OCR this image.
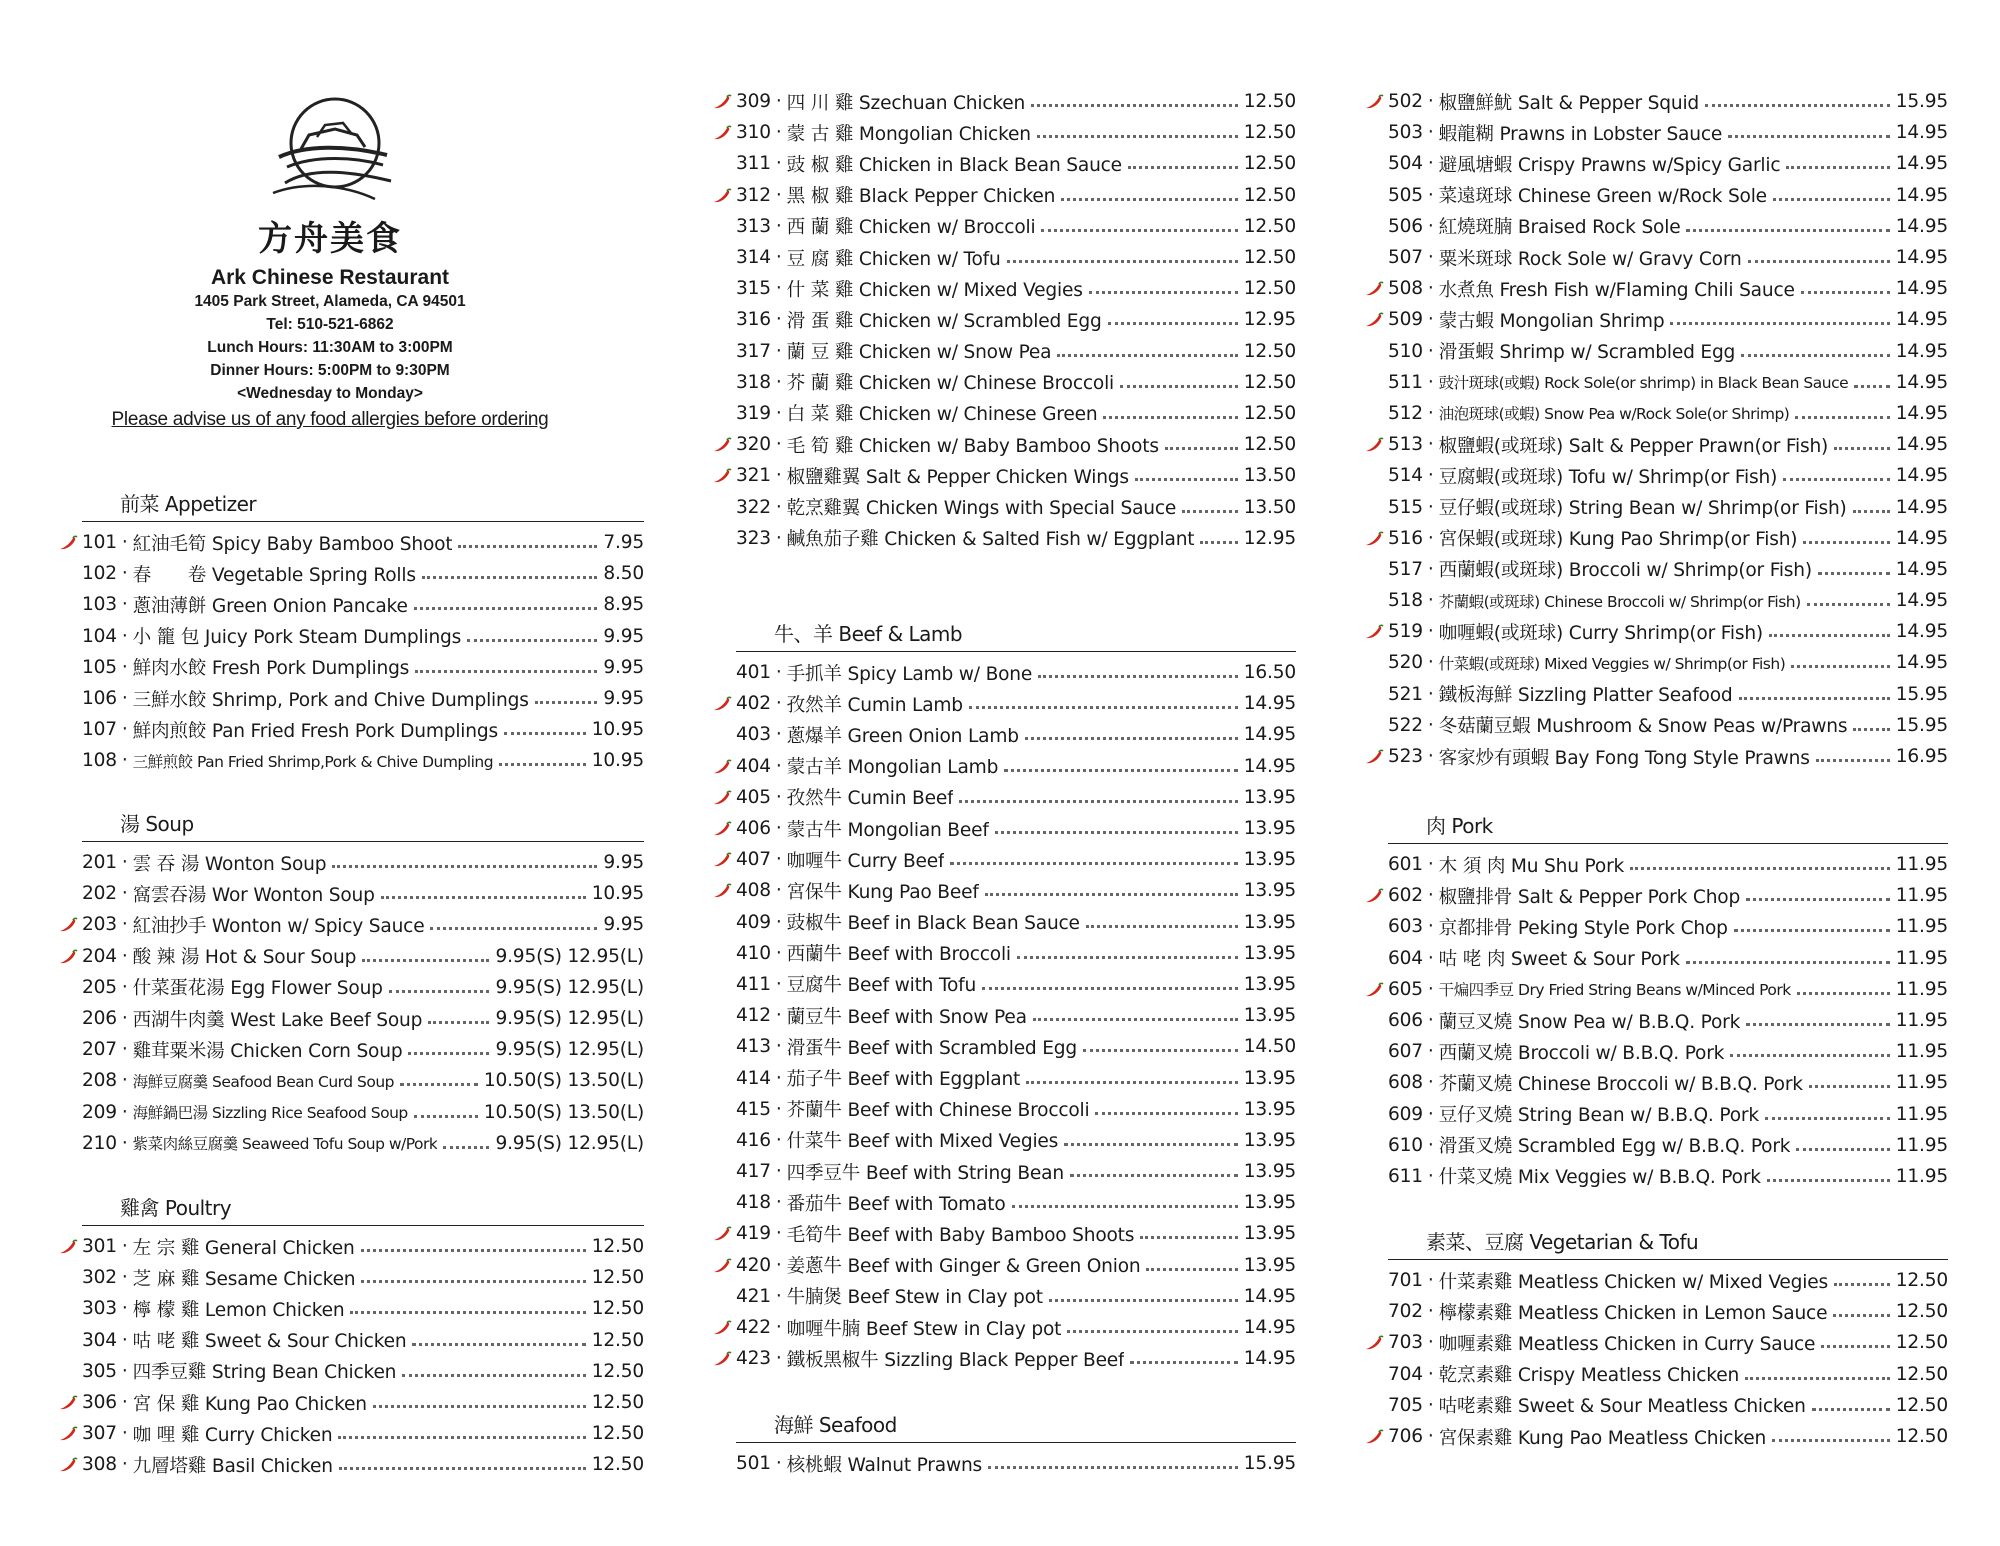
方舟美食
Ark Chinese Restaurant
1405 Park Street, Alameda, CA 94501
Tel: 510-521-6862
Lunch Hours: 11:30AM to 3:00PM
Dinner Hours: 5:00PM to 9:30PM
<Wednesday to Monday>
Please advise us of any food allergies before ordering
前菜 Appetizer
101 · 紅油毛筍 Spicy Baby Bamboo Shoot	7.95
102 · 春　　卷 Vegetable Spring Rolls	8.50
103 · 蔥油薄餅 Green Onion Pancake	8.95
104 · 小 籠 包 Juicy Pork Steam Dumplings	9.95
105 · 鮮肉水餃 Fresh Pork Dumplings	9.95
106 · 三鮮水餃 Shrimp, Pork and Chive Dumplings	9.95
107 · 鮮肉煎餃 Pan Fried Fresh Pork Dumplings	10.95
108 · 三鮮煎餃 Pan Fried Shrimp,Pork & Chive Dumpling	10.95
湯 Soup
201 · 雲 吞 湯 Wonton Soup	9.95
202 · 窩雲吞湯 Wor Wonton Soup	10.95
203 · 紅油抄手 Wonton w/ Spicy Sauce	9.95
204 · 酸 辣 湯 Hot & Sour Soup	9.95(S) 12.95(L)
205 · 什菜蛋花湯 Egg Flower Soup	9.95(S) 12.95(L)
206 · 西湖牛肉羹 West Lake Beef Soup	9.95(S) 12.95(L)
207 · 雞茸粟米湯 Chicken Corn Soup	9.95(S) 12.95(L)
208 · 海鮮豆腐羹 Seafood Bean Curd Soup	10.50(S) 13.50(L)
209 · 海鮮鍋巴湯 Sizzling Rice Seafood Soup	10.50(S) 13.50(L)
210 · 紫菜肉絲豆腐羹 Seaweed Tofu Soup w/Pork	9.95(S) 12.95(L)
雞禽 Poultry
301 · 左 宗 雞 General Chicken	12.50
302 · 芝 麻 雞 Sesame Chicken	12.50
303 · 檸 檬 雞 Lemon Chicken	12.50
304 · 咕 咾 雞 Sweet & Sour Chicken	12.50
305 · 四季豆雞 String Bean Chicken	12.50
306 · 宮 保 雞 Kung Pao Chicken	12.50
307 · 咖 哩 雞 Curry Chicken	12.50
308 · 九層塔雞 Basil Chicken	12.50
309 · 四 川 雞 Szechuan Chicken	12.50
310 · 蒙 古 雞 Mongolian Chicken	12.50
311 · 豉 椒 雞 Chicken in Black Bean Sauce	12.50
312 · 黑 椒 雞 Black Pepper Chicken	12.50
313 · 西 蘭 雞 Chicken w/ Broccoli	12.50
314 · 豆 腐 雞 Chicken w/ Tofu	12.50
315 · 什 菜 雞 Chicken w/ Mixed Vegies	12.50
316 · 滑 蛋 雞 Chicken w/ Scrambled Egg	12.95
317 · 蘭 豆 雞 Chicken w/ Snow Pea	12.50
318 · 芥 蘭 雞 Chicken w/ Chinese Broccoli	12.50
319 · 白 菜 雞 Chicken w/ Chinese Green	12.50
320 · 毛 筍 雞 Chicken w/ Baby Bamboo Shoots	12.50
321 · 椒鹽雞翼 Salt & Pepper Chicken Wings	13.50
322 · 乾烹雞翼 Chicken Wings with Special Sauce	13.50
323 · 鹹魚茄子雞 Chicken & Salted Fish w/ Eggplant	12.95
牛、羊 Beef & Lamb
401 · 手抓羊 Spicy Lamb w/ Bone	16.50
402 · 孜然羊 Cumin Lamb	14.95
403 · 蔥爆羊 Green Onion Lamb	14.95
404 · 蒙古羊 Mongolian Lamb	14.95
405 · 孜然牛 Cumin Beef	13.95
406 · 蒙古牛 Mongolian Beef	13.95
407 · 咖喱牛 Curry Beef	13.95
408 · 宮保牛 Kung Pao Beef	13.95
409 · 豉椒牛 Beef in Black Bean Sauce	13.95
410 · 西蘭牛 Beef with Broccoli	13.95
411 · 豆腐牛 Beef with Tofu	13.95
412 · 蘭豆牛 Beef with Snow Pea	13.95
413 · 滑蛋牛 Beef with Scrambled Egg	14.50
414 · 茄子牛 Beef with Eggplant	13.95
415 · 芥蘭牛 Beef with Chinese Broccoli	13.95
416 · 什菜牛 Beef with Mixed Vegies	13.95
417 · 四季豆牛 Beef with String Bean	13.95
418 · 番茄牛 Beef with Tomato	13.95
419 · 毛筍牛 Beef with Baby Bamboo Shoots	13.95
420 · 姜蔥牛 Beef with Ginger & Green Onion	13.95
421 · 牛腩煲 Beef Stew in Clay pot	14.95
422 · 咖喱牛腩 Beef Stew in Clay pot	14.95
423 · 鐵板黑椒牛 Sizzling Black Pepper Beef	14.95
海鮮 Seafood
501 · 核桃蝦 Walnut Prawns	15.95
502 · 椒鹽鮮魷 Salt & Pepper Squid	15.95
503 · 蝦龍糊 Prawns in Lobster Sauce	14.95
504 · 避風塘蝦 Crispy Prawns w/Spicy Garlic	14.95
505 · 菜遠斑球 Chinese Green w/Rock Sole	14.95
506 · 紅燒斑腩 Braised Rock Sole	14.95
507 · 粟米斑球 Rock Sole w/ Gravy Corn	14.95
508 · 水煮魚 Fresh Fish w/Flaming Chili Sauce	14.95
509 · 蒙古蝦 Mongolian Shrimp	14.95
510 · 滑蛋蝦 Shrimp w/ Scrambled Egg	14.95
511 · 豉汁斑球(或蝦) Rock Sole(or shrimp) in Black Bean Sauce	14.95
512 · 油泡斑球(或蝦) Snow Pea w/Rock Sole(or Shrimp)	14.95
513 · 椒鹽蝦(或斑球) Salt & Pepper Prawn(or Fish)	14.95
514 · 豆腐蝦(或斑球) Tofu w/ Shrimp(or Fish)	14.95
515 · 豆仔蝦(或斑球) String Bean w/ Shrimp(or Fish)	14.95
516 · 宮保蝦(或斑球) Kung Pao Shrimp(or Fish)	14.95
517 · 西蘭蝦(或斑球) Broccoli w/ Shrimp(or Fish)	14.95
518 · 芥蘭蝦(或斑球) Chinese Broccoli w/ Shrimp(or Fish)	14.95
519 · 咖喱蝦(或斑球) Curry Shrimp(or Fish)	14.95
520 · 什菜蝦(或斑球) Mixed Veggies w/ Shrimp(or Fish)	14.95
521 · 鐵板海鮮 Sizzling Platter Seafood	15.95
522 · 冬菇蘭豆蝦 Mushroom & Snow Peas w/Prawns	15.95
523 · 客家炒有頭蝦 Bay Fong Tong Style Prawns	16.95
肉 Pork
601 · 木 須 肉 Mu Shu Pork	11.95
602 · 椒鹽排骨 Salt & Pepper Pork Chop	11.95
603 · 京都排骨 Peking Style Pork Chop	11.95
604 · 咕 咾 肉 Sweet & Sour Pork	11.95
605 · 干煸四季豆 Dry Fried String Beans w/Minced Pork	11.95
606 · 蘭豆叉燒 Snow Pea w/ B.B.Q. Pork	11.95
607 · 西蘭叉燒 Broccoli w/ B.B.Q. Pork	11.95
608 · 芥蘭叉燒 Chinese Broccoli w/ B.B.Q. Pork	11.95
609 · 豆仔叉燒 String Bean w/ B.B.Q. Pork	11.95
610 · 滑蛋叉燒 Scrambled Egg w/ B.B.Q. Pork	11.95
611 · 什菜叉燒 Mix Veggies w/ B.B.Q. Pork	11.95
素菜、豆腐 Vegetarian & Tofu
701 · 什菜素雞 Meatless Chicken w/ Mixed Vegies	12.50
702 · 檸檬素雞 Meatless Chicken in Lemon Sauce	12.50
703 · 咖喱素雞 Meatless Chicken in Curry Sauce	12.50
704 · 乾烹素雞 Crispy Meatless Chicken	12.50
705 · 咕咾素雞 Sweet & Sour Meatless Chicken	12.50
706 · 宮保素雞 Kung Pao Meatless Chicken	12.50
